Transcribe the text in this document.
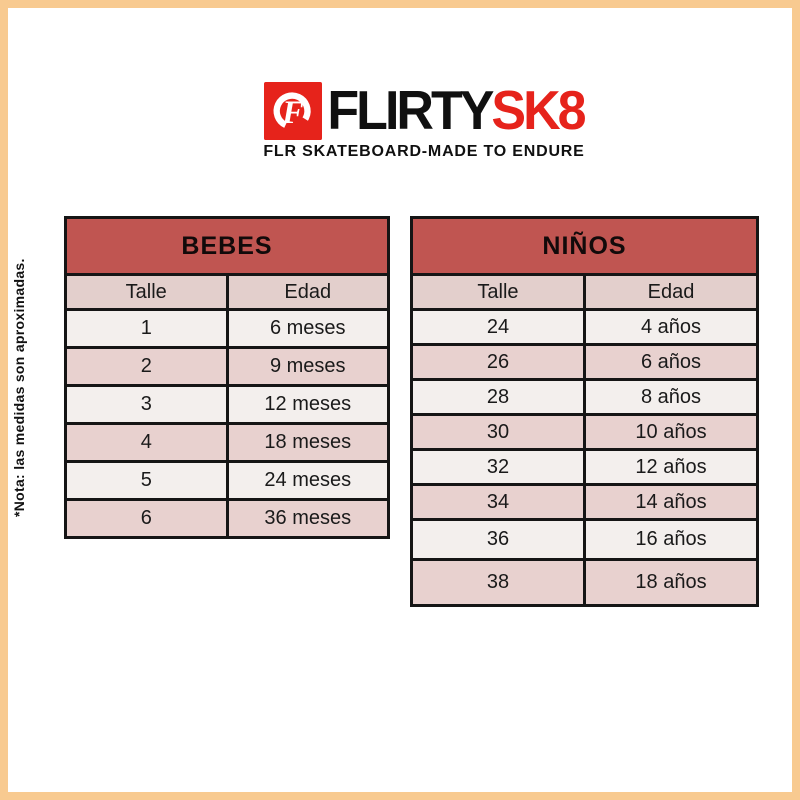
*Nota: las medidas son aproximadas.
F FLIRTYSK8
FLR SKATEBOARD-MADE TO ENDURE
BEBES	
Talle	Edad
1	6 meses
2	9 meses
3	12 meses
4	18 meses
5	24 meses
6	36 meses
NIÑOS	
Talle	Edad
24	4 años
26	6 años
28	8 años
30	10 años
32	12 años
34	14 años
36	16 años
38	18 años
